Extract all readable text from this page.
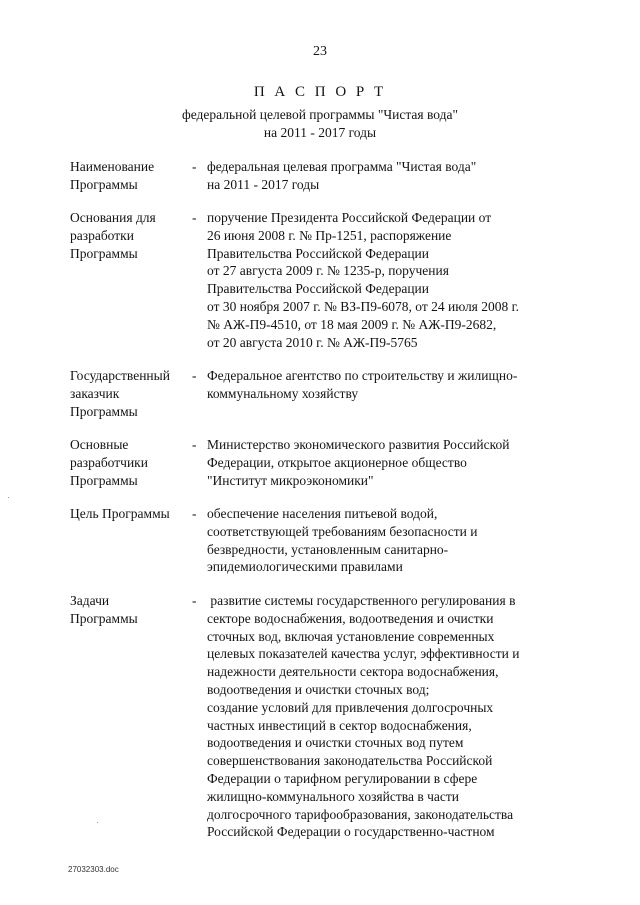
23
П А С П О Р Т
федеральной целевой программы "Чистая вода"
на 2011 - 2017 годы
Наименование
Программы
- федеральная целевая программа "Чистая вода"
на 2011 - 2017 годы
Основания для
разработки
Программы
- поручение Президента Российской Федерации от
26 июня 2008 г. № Пр-1251, распоряжение
Правительства Российской Федерации
от 27 августа 2009 г. № 1235-р, поручения
Правительства Российской Федерации
от 30 ноября 2007 г. № ВЗ-П9-6078, от 24 июля 2008 г.
№ АЖ-П9-4510, от 18 мая 2009 г. № АЖ-П9-2682,
от 20 августа 2010 г. № АЖ-П9-5765
Государственный
заказчик
Программы
- Федеральное агентство по строительству и жилищно-
коммунальному хозяйству
Основные
разработчики
Программы
- Министерство экономического развития Российской
Федерации, открытое акционерное общество
"Институт микроэкономики"
Цель Программы	- обеспечение населения питьевой водой,
соответствующей требованиям безопасности и
безвредности, установленным санитарно-
эпидемиологическими правилами
Задачи
Программы
- развитие системы государственного регулирования в
секторе водоснабжения, водоотведения и очистки
сточных вод, включая установление современных
целевых показателей качества услуг, эффективности и
надежности деятельности сектора водоснабжения,
водоотведения и очистки сточных вод;
создание условий для привлечения долгосрочных
частных инвестиций в сектор водоснабжения,
водоотведения и очистки сточных вод путем
совершенствования законодательства Российской
Федерации о тарифном регулировании в сфере
жилищно-коммунального хозяйства в части
долгосрочного тарифообразования, законодательства
Российской Федерации о государственно-частном
27032303.doc
